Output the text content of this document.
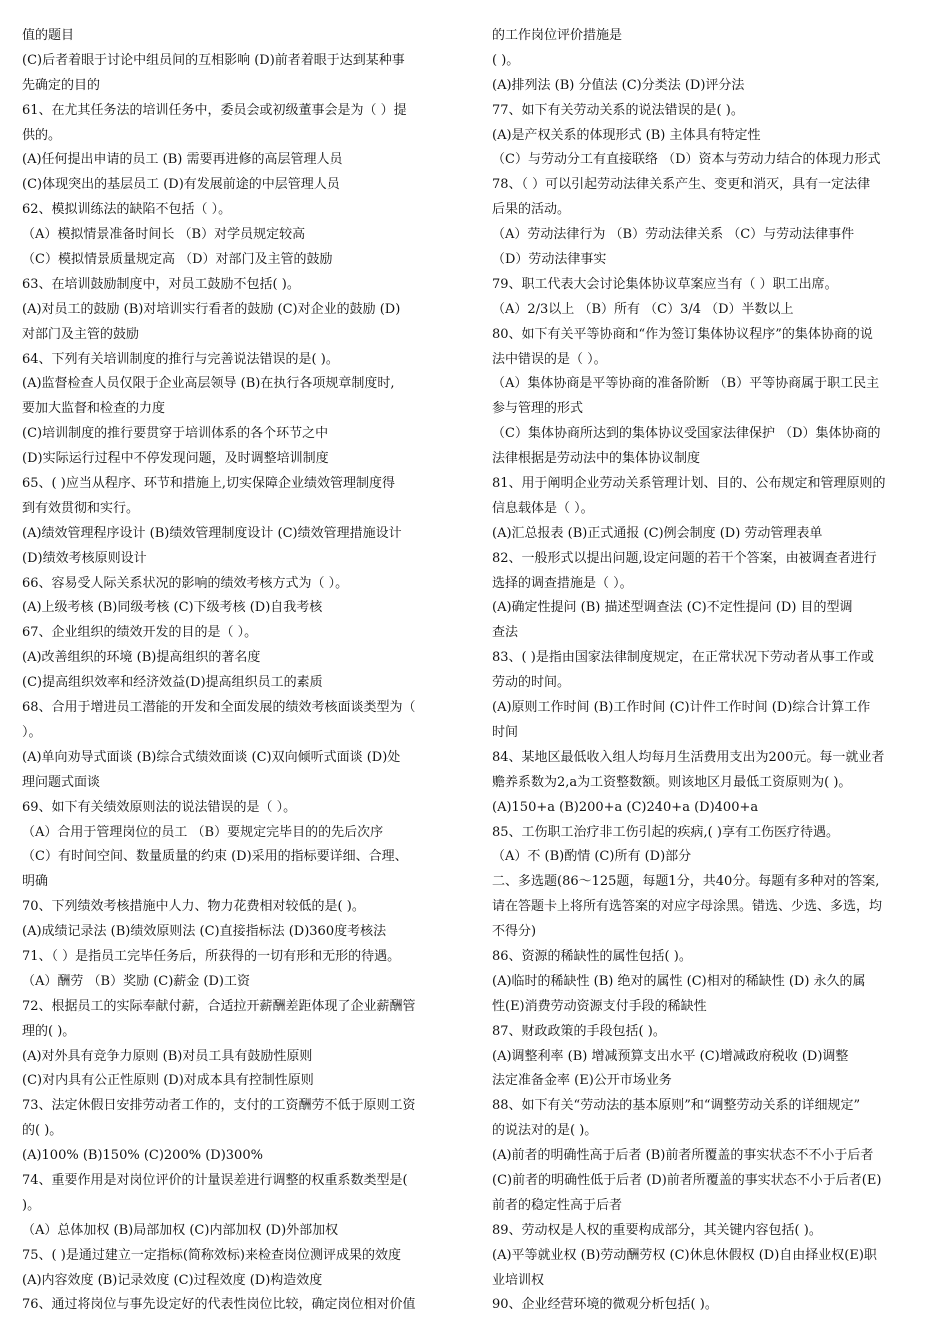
值的题目
(C)后者着眼于讨论中组员间的互相影响 (D)前者着眼于达到某种事
先确定的目的
61、在尤其任务法的培训任务中，委员会或初级董事会是为（ ）提
供的。
(A)任何提出申请的员工 (B) 需要再进修的高层管理人员
(C)体现突出的基层员工 (D)有发展前途的中层管理人员
62、模拟训练法的缺陷不包括（ ）。
（A）模拟情景准备时间长 （B）对学员规定较高
（C）模拟情景质量规定高 （D）对部门及主管的鼓励
63、在培训鼓励制度中，对员工鼓励不包括( )。
(A)对员工的鼓励 (B)对培训实行看者的鼓励 (C)对企业的鼓励 (D)
对部门及主管的鼓励
64、下列有关培训制度的推行与完善说法错误的是( )。
(A)监督检查人员仅限于企业高层领导 (B)在执行各项规章制度时,
要加大监督和检查的力度
(C)培训制度的推行要贯穿于培训体系的各个环节之中
(D)实际运行过程中不停发现问题，及时调整培训制度
65、( )应当从程序、环节和措施上,切实保障企业绩效管理制度得
到有效贯彻和实行。
(A)绩效管理程序设计 (B)绩效管理制度设计 (C)绩效管理措施设计
(D)绩效考核原则设计
66、容易受人际关系状况的影响的绩效考核方式为（ ）。
(A)上级考核 (B)同级考核 (C)下级考核 (D)自我考核
67、企业组织的绩效开发的目的是（ ）。
(A)改善组织的环境 (B)提高组织的著名度
(C)提高组织效率和经济效益(D)提高组织员工的素质
68、合用于增进员工潜能的开发和全面发展的绩效考核面谈类型为（
）。
(A)单向劝导式面谈 (B)综合式绩效面谈 (C)双向倾听式面谈 (D)处
理问题式面谈
69、如下有关绩效原则法的说法错误的是（ ）。
（A）合用于管理岗位的员工 （B）要规定完毕目的的先后次序
（C）有时间空间、数量质量的约束 (D)采用的指标要详细、合理、
明确
70、下列绩效考核措施中人力、物力花费相对较低的是( )。
(A)成绩记录法 (B)绩效原则法 (C)直接指标法 (D)360度考核法
71、（ ）是指员工完毕任务后，所获得的一切有形和无形的待遇。
（A）酬劳 （B）奖励 (C)薪金 (D)工资
72、根据员工的实际奉献付薪，合适拉开薪酬差距体现了企业薪酬管
理的( )。
(A)对外具有竞争力原则 (B)对员工具有鼓励性原则
(C)对内具有公正性原则 (D)对成本具有控制性原则
73、法定休假日安排劳动者工作的，支付的工资酬劳不低于原则工资
的( )。
(A)100% (B)150% (C)200% (D)300%
74、重要作用是对岗位评价的计量误差进行调整的权重系数类型是(
)。
（A）总体加权 (B)局部加权 (C)内部加权 (D)外部加权
75、( )是通过建立一定指标(简称效标)来检查岗位测评成果的效度
(A)内容效度 (B)记录效度 (C)过程效度 (D)构造效度
76、通过将岗位与事先设定好的代表性岗位比较，确定岗位相对价值
的工作岗位评价措施是
( )。
(A)排列法 (B) 分值法 (C)分类法 (D)评分法
77、如下有关劳动关系的说法错误的是( )。
(A)是产权关系的体现形式 (B) 主体具有特定性
（C）与劳动分工有直接联络 （D）资本与劳动力结合的体现力形式
78、（ ）可以引起劳动法律关系产生、变更和消灭，具有一定法律
后果的活动。
（A）劳动法律行为 （B）劳动法律关系 （C）与劳动法律事件
（D）劳动法律事实
79、职工代表大会讨论集体协议草案应当有（ ）职工出席。
（A）2/3以上 （B）所有 （C）3/4 （D）半数以上
80、如下有关平等协商和“作为签订集体协议程序”的集体协商的说
法中错误的是（ ）。
（A）集体协商是平等协商的准备阶断 （B）平等协商属于职工民主
参与管理的形式
（C）集体协商所达到的集体协议受国家法律保护 （D）集体协商的
法律根据是劳动法中的集体协议制度
81、用于阐明企业劳动关系管理计划、目的、公布规定和管理原则的
信息载体是（ ）。
(A)汇总报表 (B)正式通报 (C)例会制度 (D) 劳动管理表单
82、一般形式以提出问题,设定问题的若干个答案，由被调查者进行
选择的调查措施是（ ）。
(A)确定性提问 (B) 描述型调查法 (C)不定性提问 (D) 目的型调
查法
83、( )是指由国家法律制度规定，在正常状况下劳动者从事工作或
劳动的时间。
(A)原则工作时间 (B)工作时间 (C)计件工作时间 (D)综合计算工作
时间
84、某地区最低收入组人均每月生活费用支出为200元。每一就业者
赡养系数为2,a为工资整数额。则该地区月最低工资原则为( )。
(A)150+a (B)200+a (C)240+a (D)400+a
85、工伤职工治疗非工伤引起的疾病,( )享有工伤医疗待遇。
（A）不 (B)酌情 (C)所有 (D)部分
二、多选题(86～125题，每题1分，共40分。每题有多种对的答案,
请在答题卡上将所有选答案的对应字母涂黑。错选、少选、多选，均
不得分)
86、资源的稀缺性的属性包括( )。
(A)临时的稀缺性 (B) 绝对的属性 (C)相对的稀缺性 (D) 永久的属
性(E)消费劳动资源支付手段的稀缺性
87、财政政策的手段包括( )。
(A)调整利率 (B) 增减预算支出水平 (C)增减政府税收 (D)调整
法定准备金率 (E)公开市场业务
88、如下有关“劳动法的基本原则”和“调整劳动关系的详细规定”
的说法对的是( )。
(A)前者的明确性高于后者 (B)前者所覆盖的事实状态不不小于后者
(C)前者的明确性低于后者 (D)前者所覆盖的事实状态不小于后者(E)
前者的稳定性高于后者
89、劳动权是人权的重要构成部分，其关键内容包括( )。
(A)平等就业权 (B)劳动酬劳权 (C)休息休假权 (D)自由择业权(E)职
业培训权
90、企业经营环境的微观分析包括( )。
